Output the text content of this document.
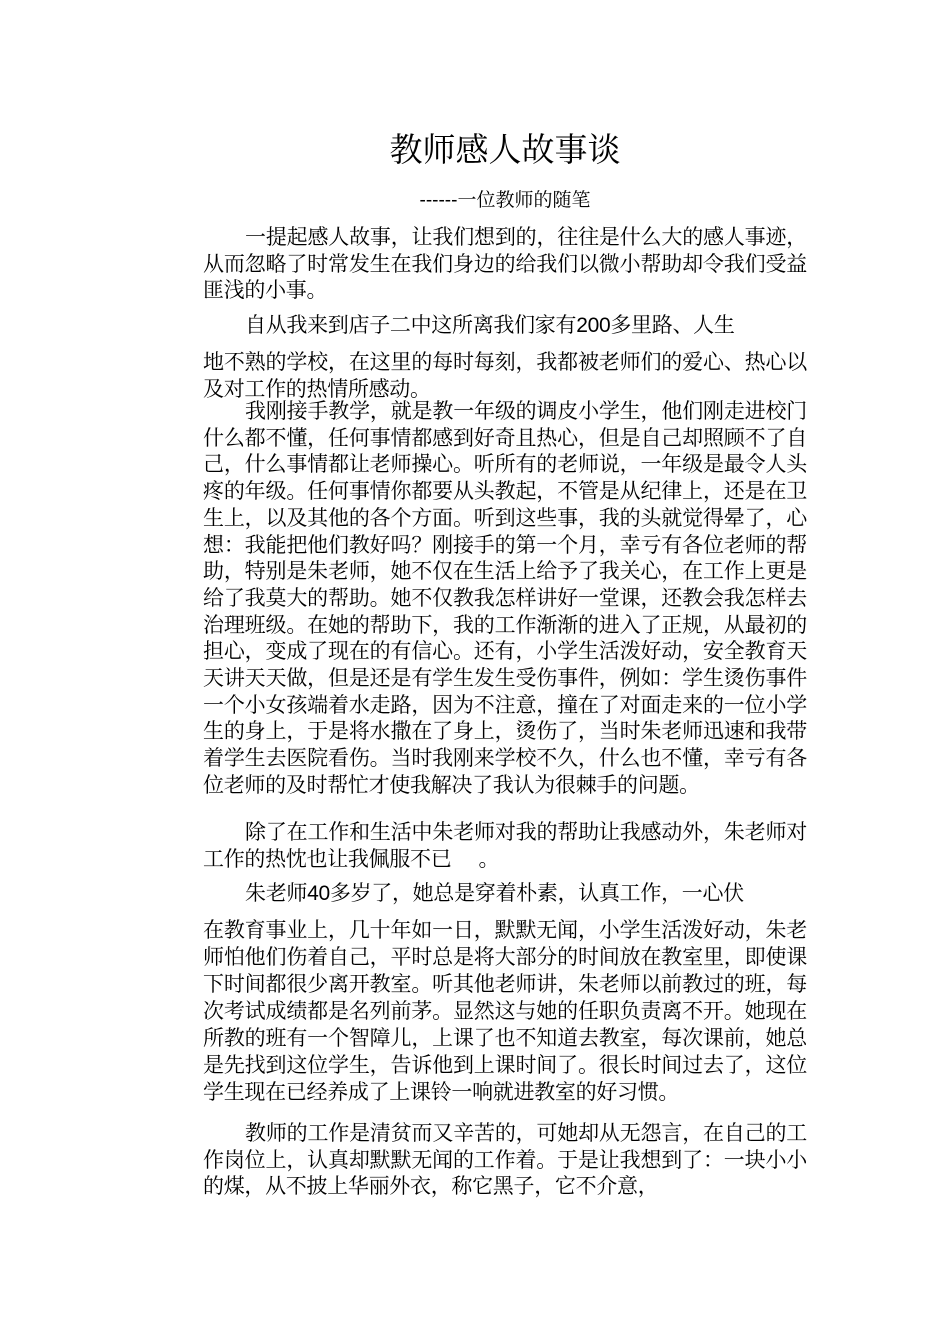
教师感人故事谈
------一位教师的随笔

一提起感人故事，让我们想到的，往往是什么大的感人事迹，从而忽略了时常发生在我们身边的给我们以微小帮助却令我们受益匪浅的小事。

自从我来到店子二中这所离我们家有200多里路、人生
地不熟的学校，在这里的每时每刻，我都被老师们的爱心、热心以及对工作的热情所感动。

我刚接手教学，就是教一年级的调皮小学生，他们刚走进校门什么都不懂，任何事情都感到好奇且热心，但是自己却照顾不了自己，什么事情都让老师操心。听所有的老师说，一年级是最令人头疼的年级。任何事情你都要从头教起，不管是从纪律上，还是在卫生上，以及其他的各个方面。听到这些事，我的头就觉得晕了，心想：我能把他们教好吗？刚接手的第一个月，幸亏有各位老师的帮助，特别是朱老师，她不仅在生活上给予了我关心，在工作上更是给了我莫大的帮助。她不仅教我怎样讲好一堂课，还教会我怎样去治理班级。在她的帮助下，我的工作渐渐的进入了正规，从最初的担心，变成了现在的有信心。还有，小学生活泼好动，安全教育天天讲天天做，但是还是有学生发生受伤事件，例如：学生烫伤事件一个小女孩端着水走路，因为不注意，撞在了对面走来的一位小学生的身上，于是将水撒在了身上，烫伤了，当时朱老师迅速和我带着学生去医院看伤。当时我刚来学校不久，什么也不懂，幸亏有各位老师的及时帮忙才使我解决了我认为很棘手的问题。

除了在工作和生活中朱老师对我的帮助让我感动外，朱老师对工作的热忱也让我佩服不已 　。

朱老师40多岁了，她总是穿着朴素，认真工作，一心伏
在教育事业上，几十年如一日，默默无闻，小学生活泼好动，朱老师怕他们伤着自己，平时总是将大部分的时间放在教室里，即使课下时间都很少离开教室。听其他老师讲，朱老师以前教过的班，每次考试成绩都是名列前茅。显然这与她的任职负责离不开。她现在所教的班有一个智障儿，上课了也不知道去教室，每次课前，她总是先找到这位学生，告诉他到上课时间了。很长时间过去了，这位学生现在已经养成了上课铃一响就进教室的好习惯。

教师的工作是清贫而又辛苦的，可她却从无怨言，在自己的工作岗位上，认真却默默无闻的工作着。于是让我想到了：一块小小的煤，从不披上华丽外衣，称它黑子，它不介意，
